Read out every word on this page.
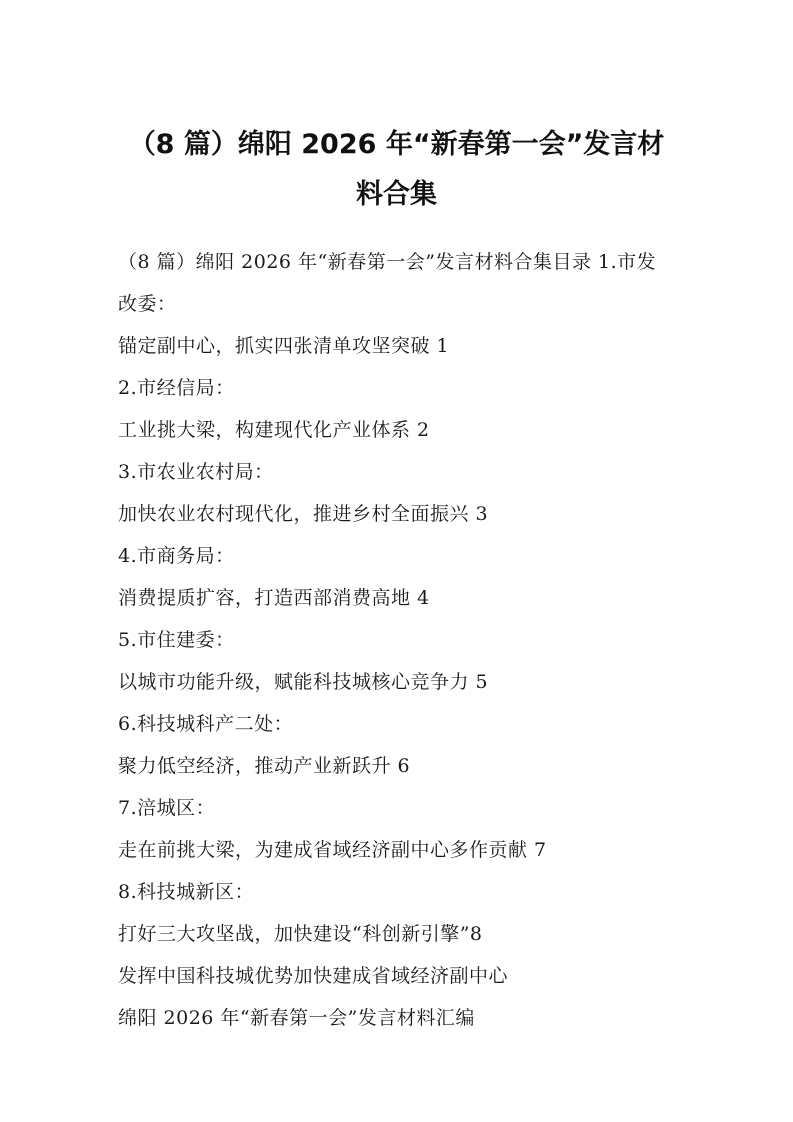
（8 篇）绵阳 2026 年“新春第一会”发言材
料合集
（8 篇）绵阳 2026 年“新春第一会”发言材料合集目录 1.市发
改委：
锚定副中心，抓实四张清单攻坚突破 1
2.市经信局：
工业挑大梁，构建现代化产业体系 2
3.市农业农村局：
加快农业农村现代化，推进乡村全面振兴 3
4.市商务局：
消费提质扩容，打造西部消费高地 4
5.市住建委：
以城市功能升级，赋能科技城核心竞争力 5
6.科技城科产二处：
聚力低空经济，推动产业新跃升 6
7.涪城区：
走在前挑大梁，为建成省域经济副中心多作贡献 7
8.科技城新区：
打好三大攻坚战，加快建设“科创新引擎”8
发挥中国科技城优势加快建成省域经济副中心
绵阳 2026 年“新春第一会”发言材料汇编
